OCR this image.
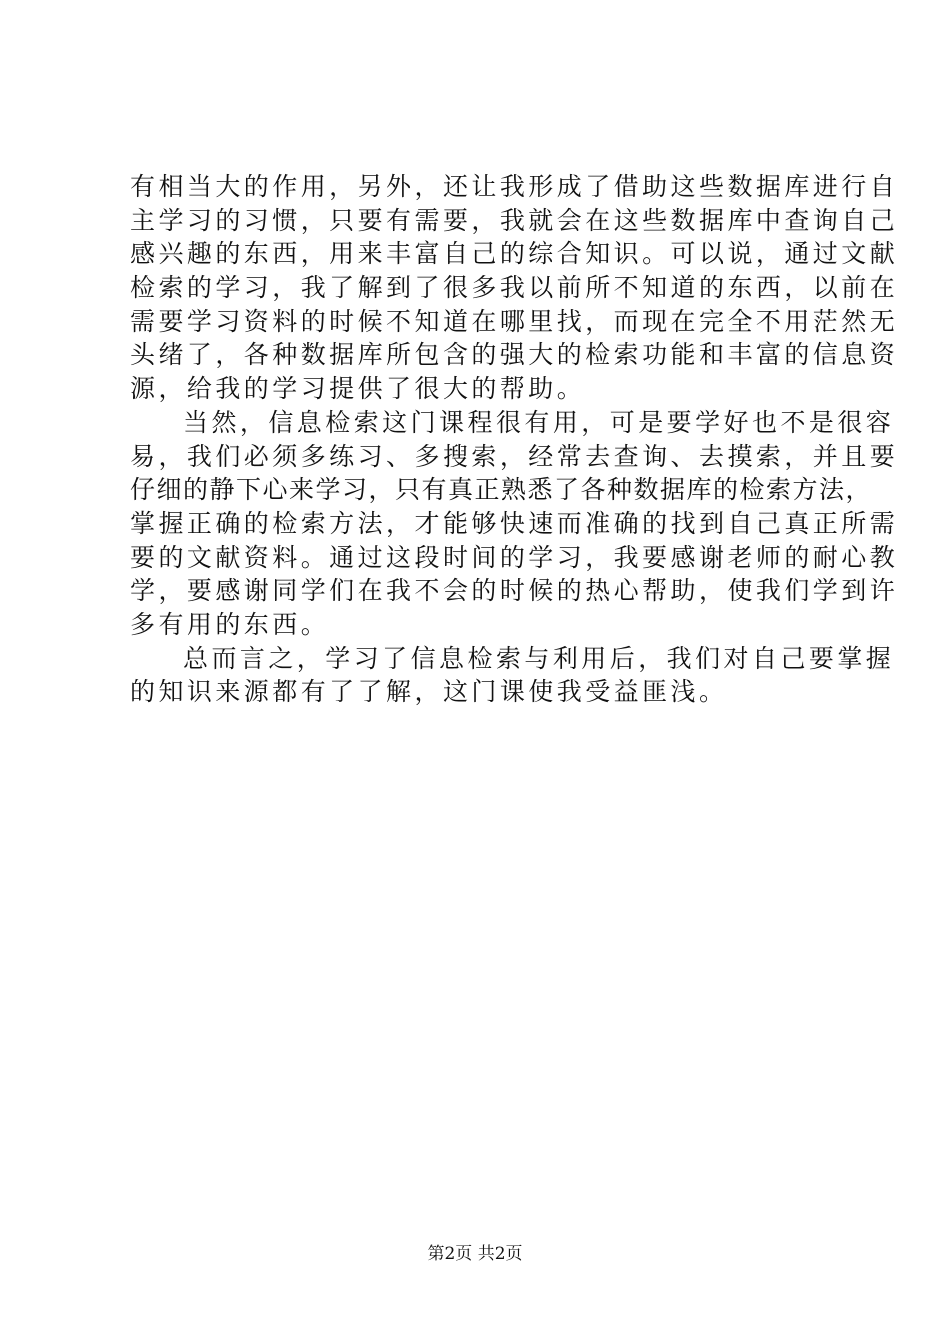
有相当大的作用，另外，还让我形成了借助这些数据库进行自
主学习的习惯，只要有需要，我就会在这些数据库中查询自己
感兴趣的东西，用来丰富自己的综合知识。可以说，通过文献
检索的学习，我了解到了很多我以前所不知道的东西，以前在
需要学习资料的时候不知道在哪里找，而现在完全不用茫然无
头绪了，各种数据库所包含的强大的检索功能和丰富的信息资
源，给我的学习提供了很大的帮助。
当然，信息检索这门课程很有用，可是要学好也不是很容
易，我们必须多练习、多搜索，经常去查询、去摸索，并且要
仔细的静下心来学习，只有真正熟悉了各种数据库的检索方法，
掌握正确的检索方法，才能够快速而准确的找到自己真正所需
要的文献资料。通过这段时间的学习，我要感谢老师的耐心教
学，要感谢同学们在我不会的时候的热心帮助，使我们学到许
多有用的东西。
总而言之，学习了信息检索与利用后，我们对自己要掌握
的知识来源都有了了解，这门课使我受益匪浅。
第2页 共2页
